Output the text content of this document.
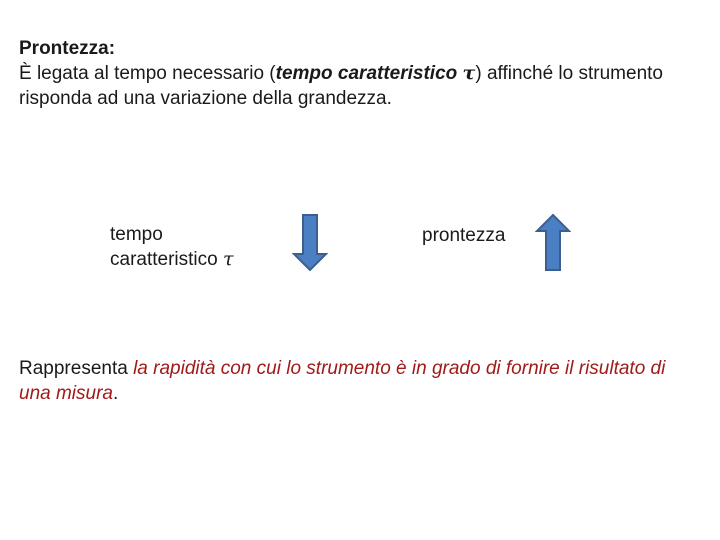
Prontezza:
È legata al tempo necessario (tempo caratteristico τ) affinché lo strumento risponda ad una variazione della grandezza.
tempo
caratteristico τ
prontezza
Rappresenta la rapidità con cui lo strumento è in grado di fornire il risultato di una misura.
